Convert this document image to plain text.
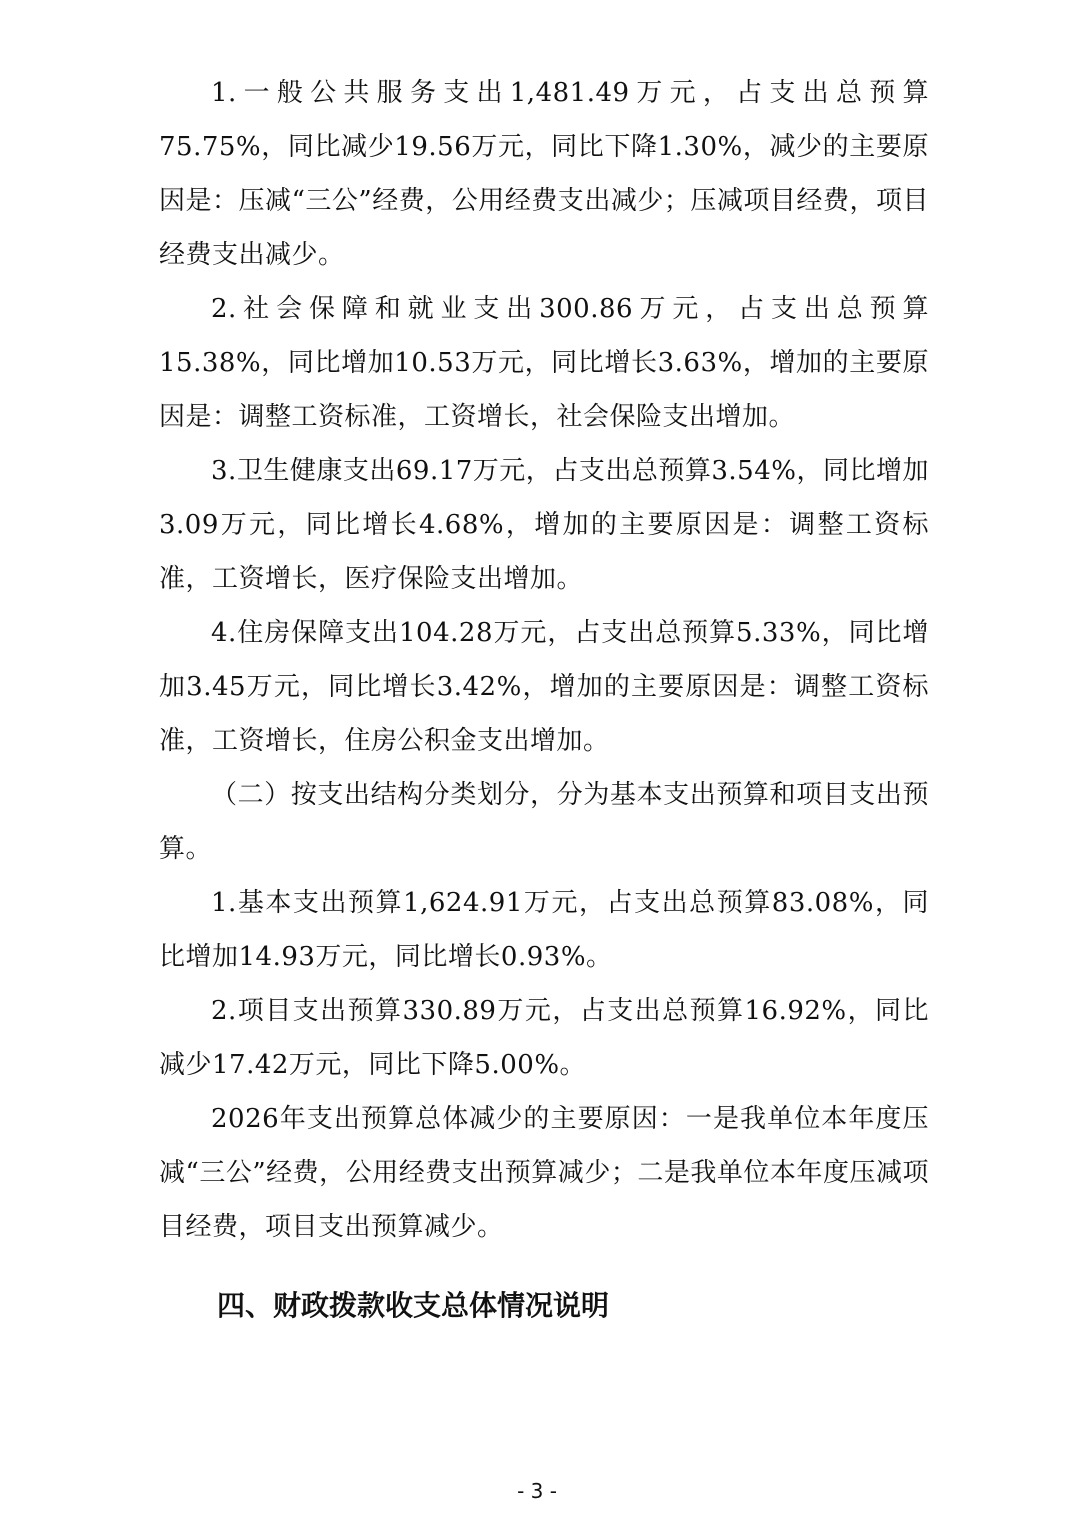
1.一般公共服务支出1,481.49万元，占支出总预算75.75%，同比减少19.56万元，同比下降1.30%，减少的主要原因是：压减“三公”经费，公用经费支出减少；压减项目经费，项目经费支出减少。

2.社会保障和就业支出300.86万元，占支出总预算15.38%，同比增加10.53万元，同比增长3.63%，增加的主要原因是：调整工资标准，工资增长，社会保险支出增加。

3.卫生健康支出69.17万元，占支出总预算3.54%，同比增加3.09万元，同比增长4.68%，增加的主要原因是：调整工资标准，工资增长，医疗保险支出增加。

4.住房保障支出104.28万元，占支出总预算5.33%，同比增加3.45万元，同比增长3.42%，增加的主要原因是：调整工资标准，工资增长，住房公积金支出增加。

（二）按支出结构分类划分，分为基本支出预算和项目支出预算。

1.基本支出预算1,624.91万元，占支出总预算83.08%，同比增加14.93万元，同比增长0.93%。

2.项目支出预算330.89万元，占支出总预算16.92%，同比减少17.42万元，同比下降5.00%。

2026年支出预算总体减少的主要原因：一是我单位本年度压减“三公”经费，公用经费支出预算减少；二是我单位本年度压减项目经费，项目支出预算减少。

四、财政拨款收支总体情况说明
- 3 -
